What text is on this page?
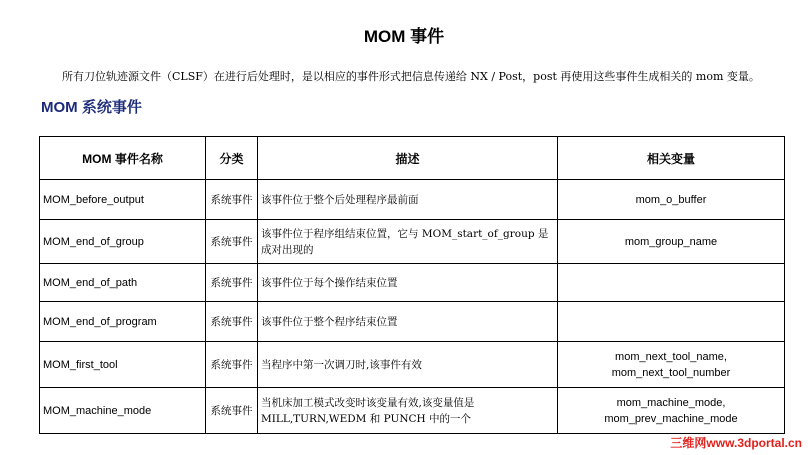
MOM 事件
所有刀位轨迹源文件（CLSF）在进行后处理时，是以相应的事件形式把信息传递给 NX / Post，post 再使用这些事件生成相关的 mom 变量。
MOM 系统事件
MOM 事件名称	分类	描述	相关变量
MOM_before_output	系统事件	该事件位于整个后处理程序最前面	mom_o_buffer

MOM_end_of_group	系统事件	该事件位于程序组结束位置，它与 MOM_start_of_group 是成对出现的	mom_group_name

MOM_end_of_path	系统事件	该事件位于每个操作结束位置	
MOM_end_of_program	系统事件	该事件位于整个程序结束位置	
MOM_first_tool	系统事件	当程序中第一次调刀时,该事件有效	mom_next_tool_name,
mom_next_tool_number

MOM_machine_mode	系统事件	当机床加工模式改变时该变量有效,该变量值是 MILL,TURN,WEDM 和 PUNCH 中的一个	mom_machine_mode,
mom_prev_machine_mode
三维网www.3dportal.cn
